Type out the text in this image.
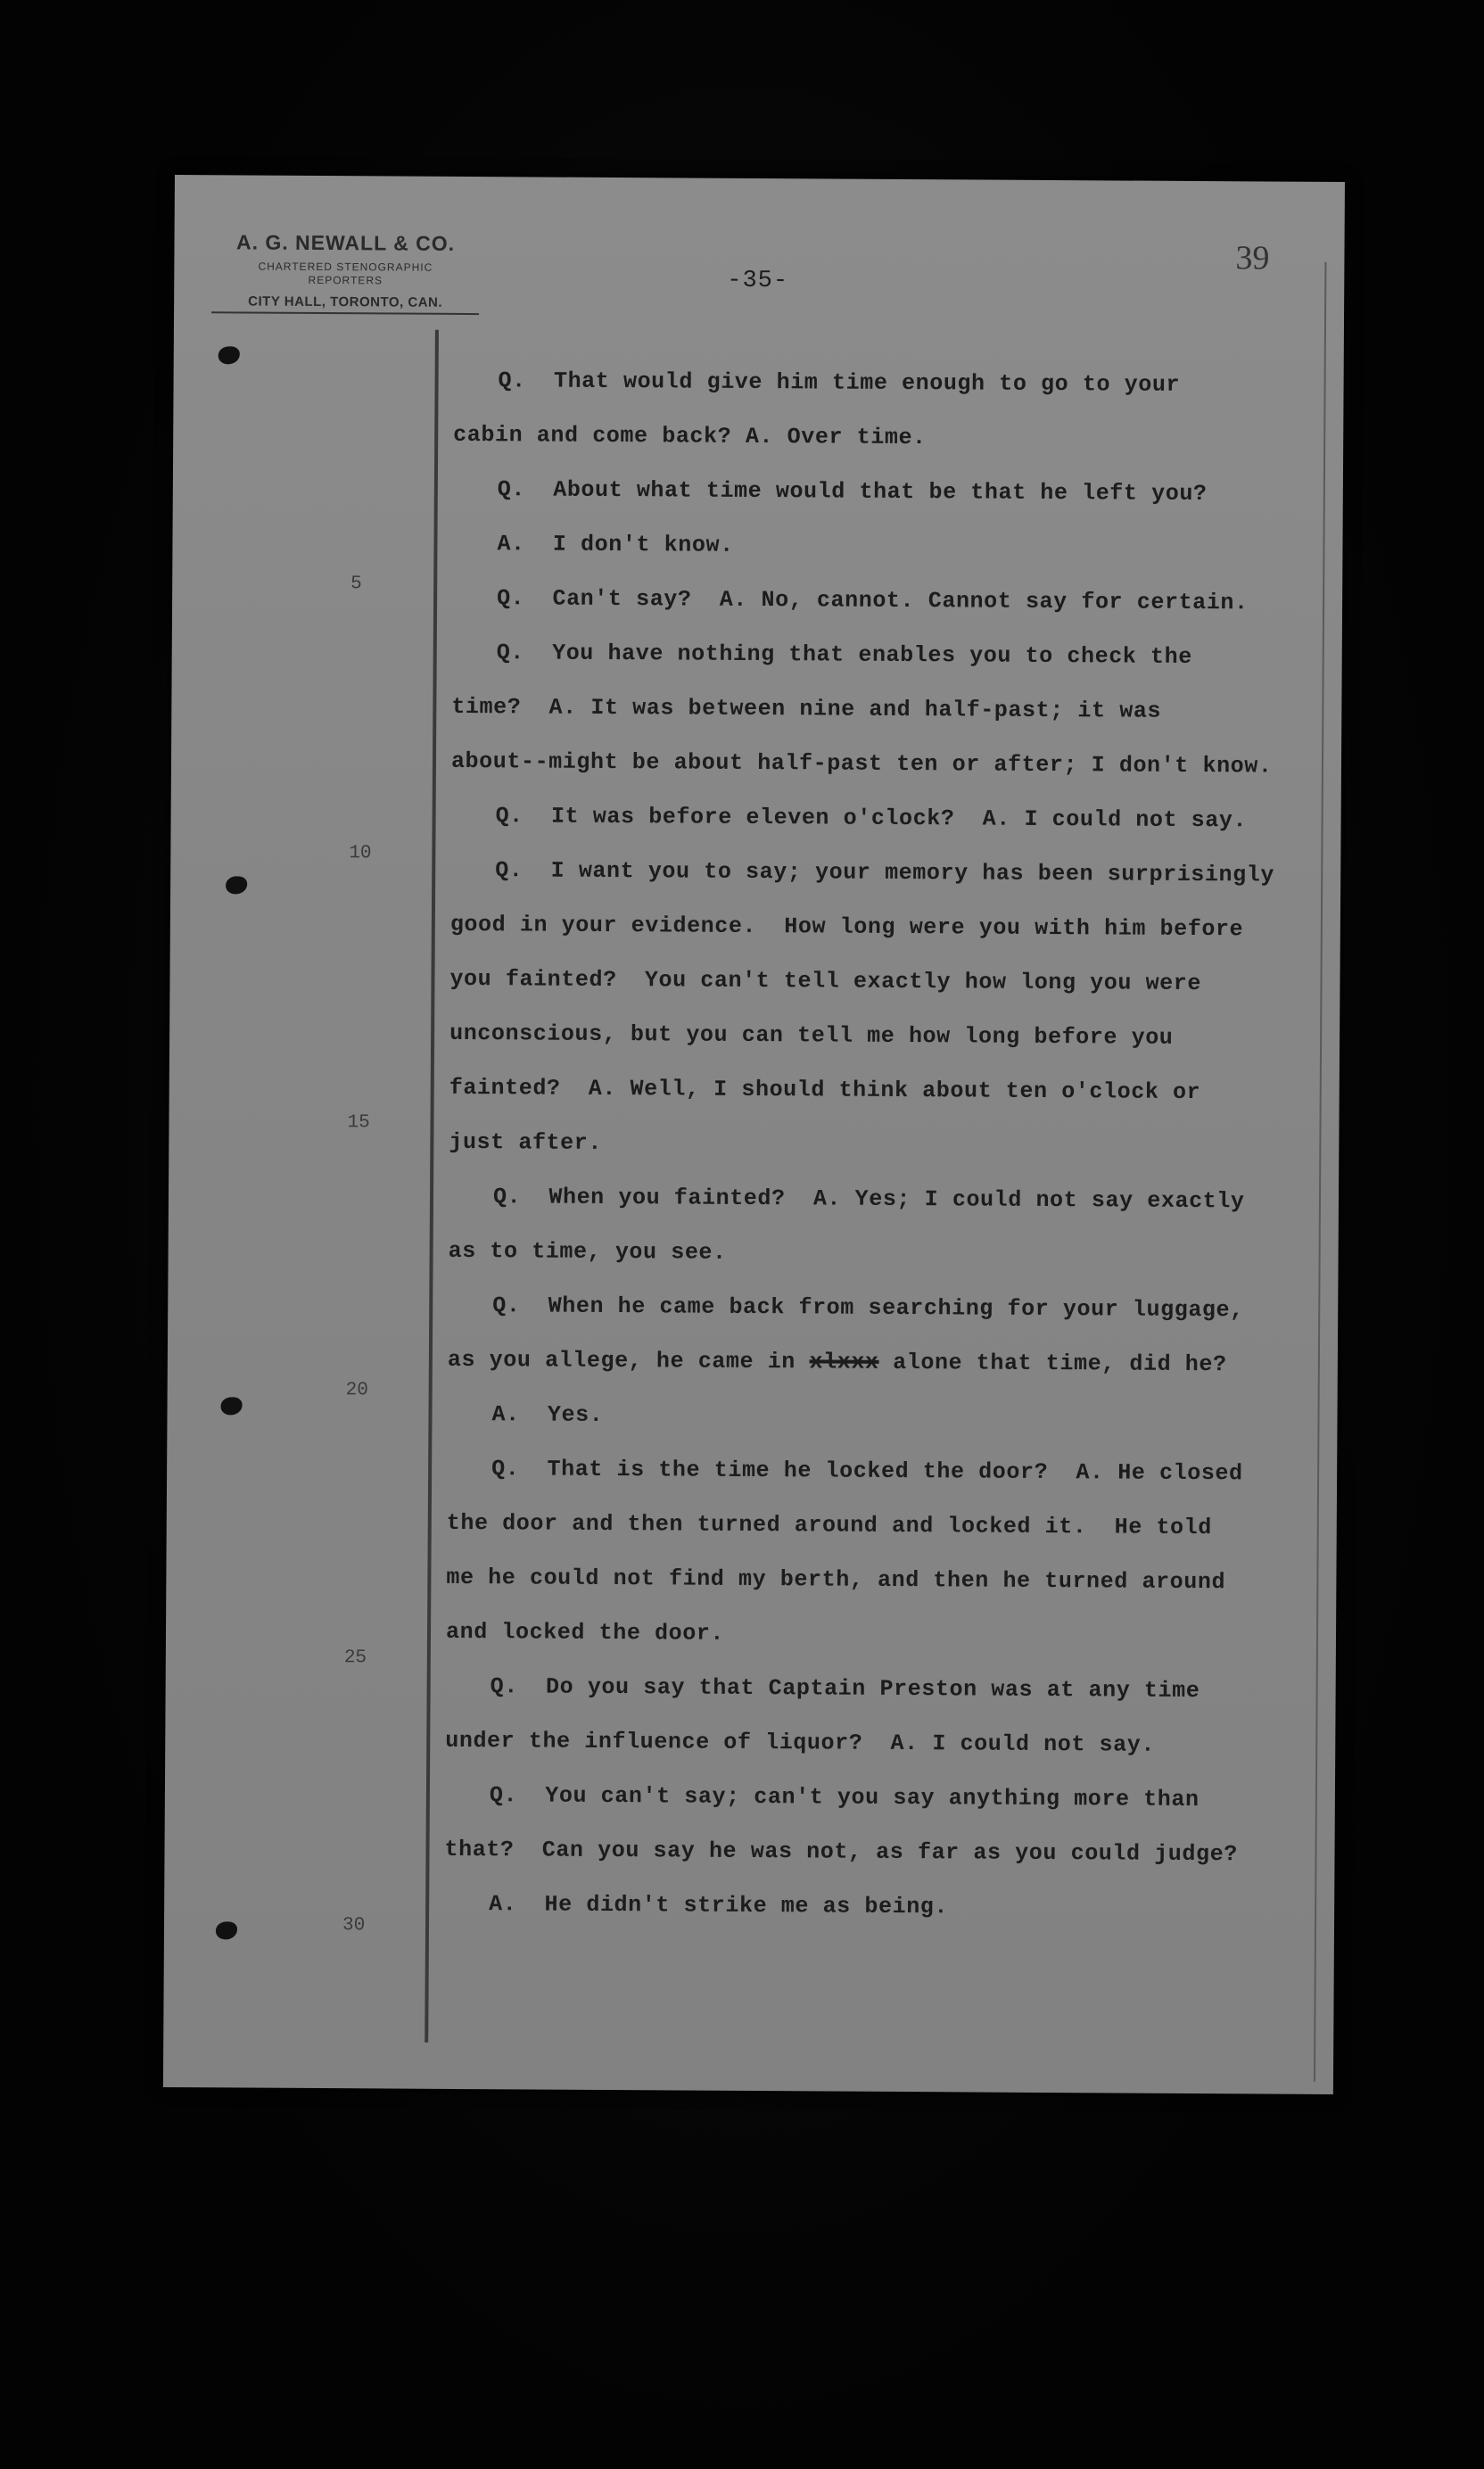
A. G. NEWALL & CO.
CHARTERED STENOGRAPHIC
REPORTERS
CITY HALL, TORONTO, CAN.
-35-
39
5
10
15
20
25
30
Q.  That would give him time enough to go to your
cabin and come back? A. Over time.
Q.  About what time would that be that he left you?
A.  I don't know.
Q.  Can't say?  A. No, cannot. Cannot say for certain.
Q.  You have nothing that enables you to check the
time?  A. It was between nine and half-past; it was
about--might be about half-past ten or after; I don't know.
Q.  It was before eleven o'clock?  A. I could not say.
Q.  I want you to say; your memory has been surprisingly
good in your evidence.  How long were you with him before
you fainted?  You can't tell exactly how long you were
unconscious, but you can tell me how long before you
fainted?  A. Well, I should think about ten o'clock or
just after.
Q.  When you fainted?  A. Yes; I could not say exactly
as to time, you see.
Q.  When he came back from searching for your luggage,
as you allege, he came in xlxxx alone that time, did he?
A.  Yes.
Q.  That is the time he locked the door?  A. He closed
the door and then turned around and locked it.  He told
me he could not find my berth, and then he turned around
and locked the door.
Q.  Do you say that Captain Preston was at any time
under the influence of liquor?  A. I could not say.
Q.  You can't say; can't you say anything more than
that?  Can you say he was not, as far as you could judge?
A.  He didn't strike me as being.
